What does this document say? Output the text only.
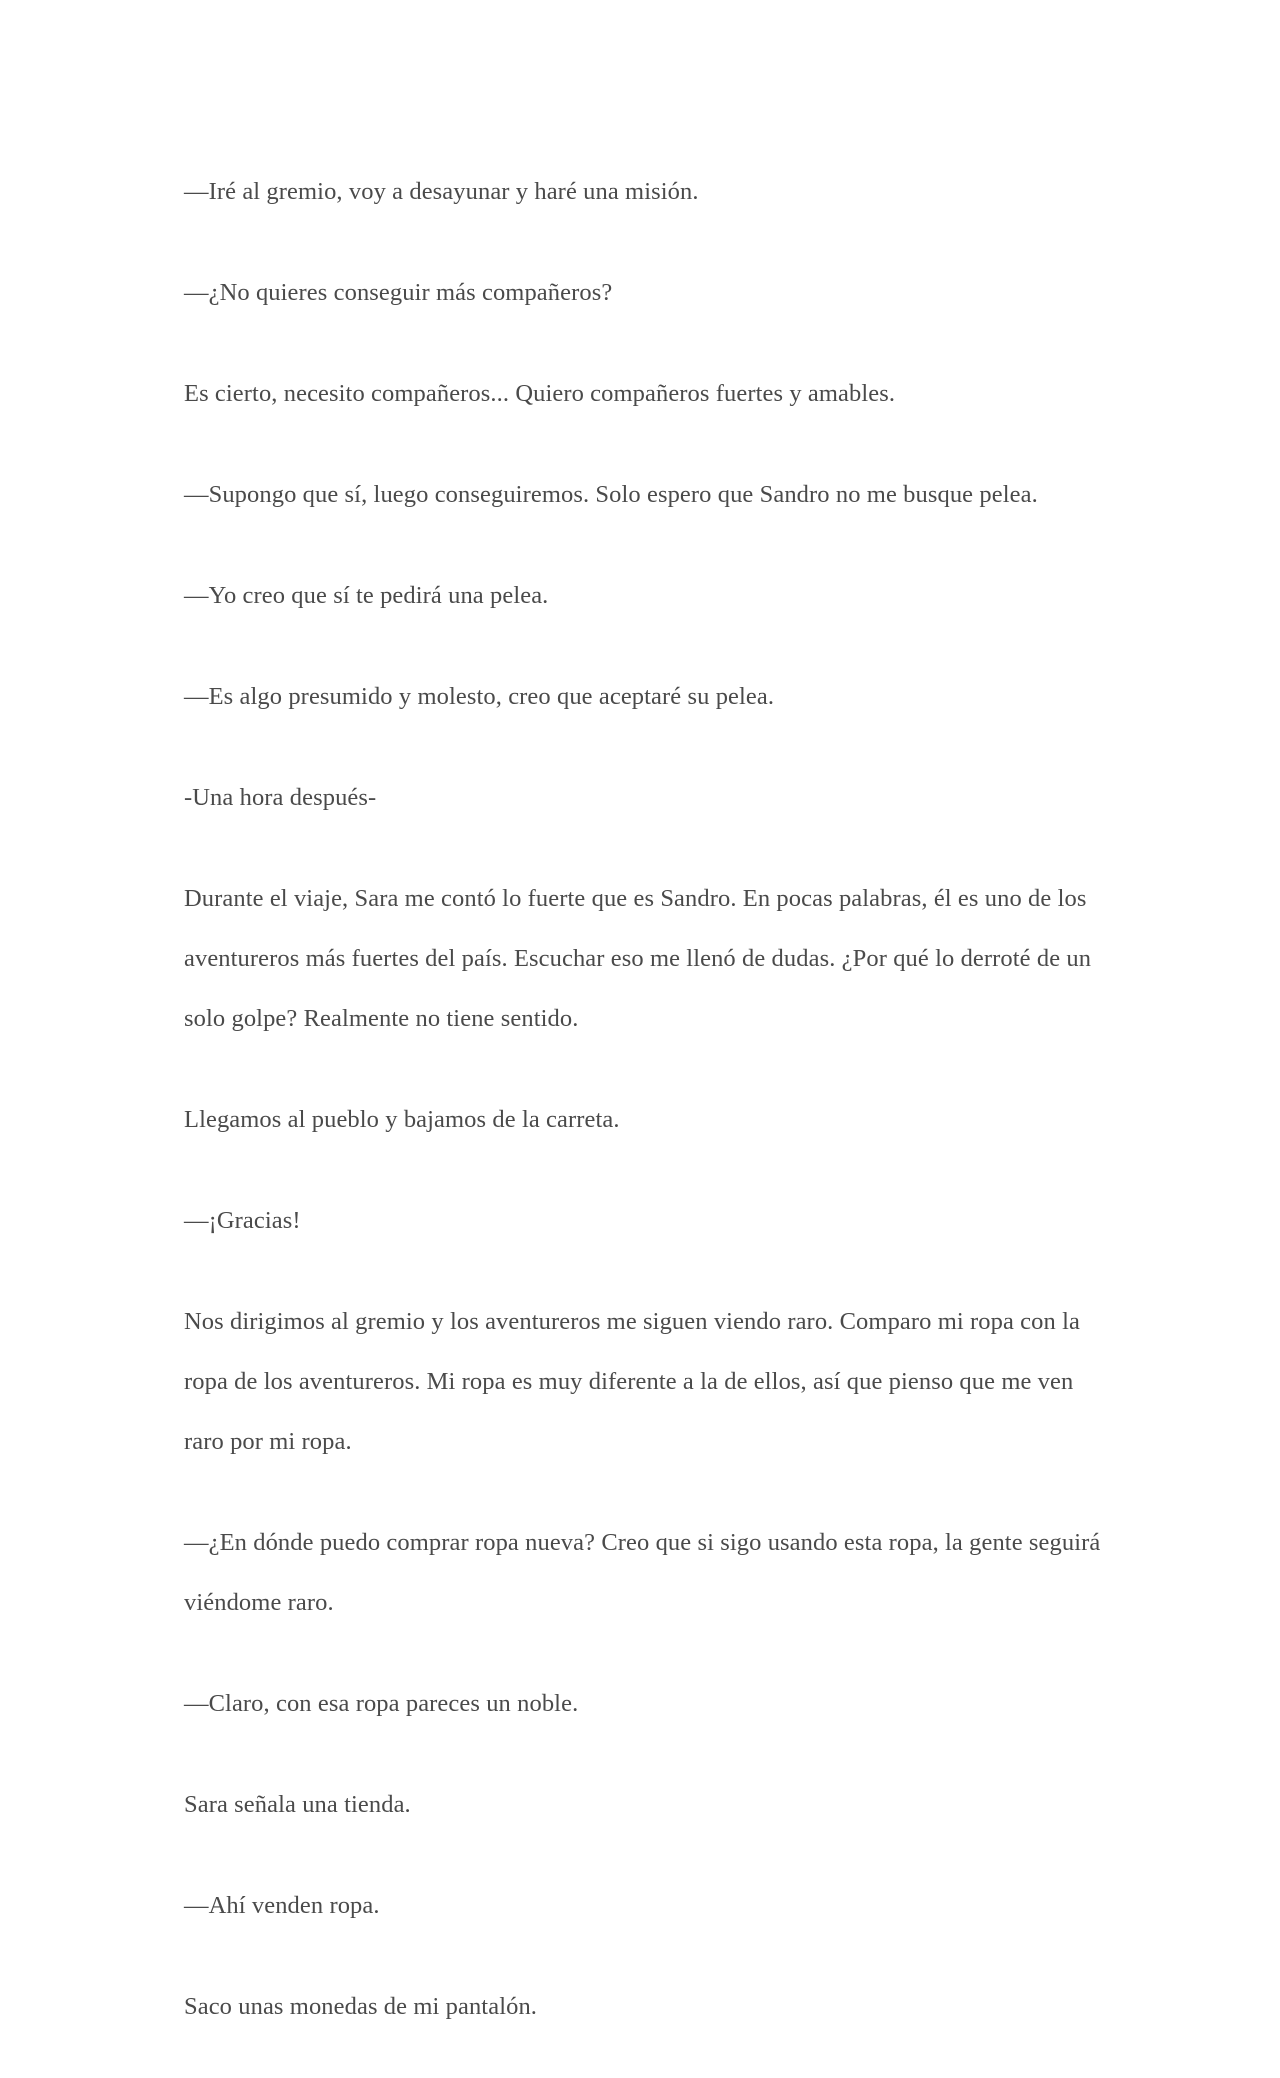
—Iré al gremio, voy a desayunar y haré una misión.

—¿No quieres conseguir más compañeros?

Es cierto, necesito compañeros... Quiero compañeros fuertes y amables.

—Supongo que sí, luego conseguiremos. Solo espero que Sandro no me busque pelea.

—Yo creo que sí te pedirá una pelea.

—Es algo presumido y molesto, creo que aceptaré su pelea.

-Una hora después-

Durante el viaje, Sara me contó lo fuerte que es Sandro. En pocas palabras, él es uno de los aventureros más fuertes del país. Escuchar eso me llenó de dudas. ¿Por qué lo derroté de un solo golpe? Realmente no tiene sentido.

Llegamos al pueblo y bajamos de la carreta.

—¡Gracias!

Nos dirigimos al gremio y los aventureros me siguen viendo raro. Comparo mi ropa con la ropa de los aventureros. Mi ropa es muy diferente a la de ellos, así que pienso que me ven raro por mi ropa.

—¿En dónde puedo comprar ropa nueva? Creo que si sigo usando esta ropa, la gente seguirá viéndome raro.

—Claro, con esa ropa pareces un noble.

Sara señala una tienda.

—Ahí venden ropa.

Saco unas monedas de mi pantalón.
